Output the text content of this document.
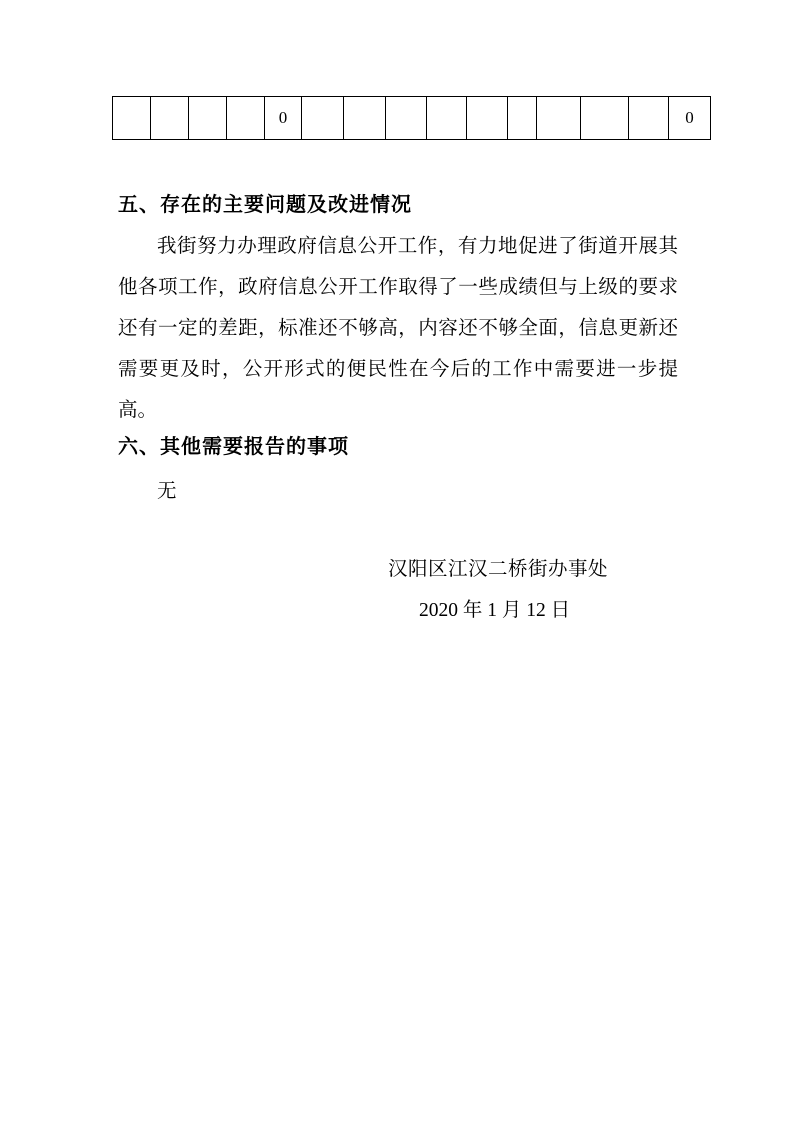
				0										0
五、存在的主要问题及改进情况

我街努力办理政府信息公开工作，有力地促进了街道开展其他各项工作，政府信息公开工作取得了一些成绩但与上级的要求还有一定的差距，标准还不够高，内容还不够全面，信息更新还需要更及时，公开形式的便民性在今后的工作中需要进一步提高。

六、其他需要报告的事项

无

汉阳区江汉二桥街办事处

2020 年 1 月 12 日
